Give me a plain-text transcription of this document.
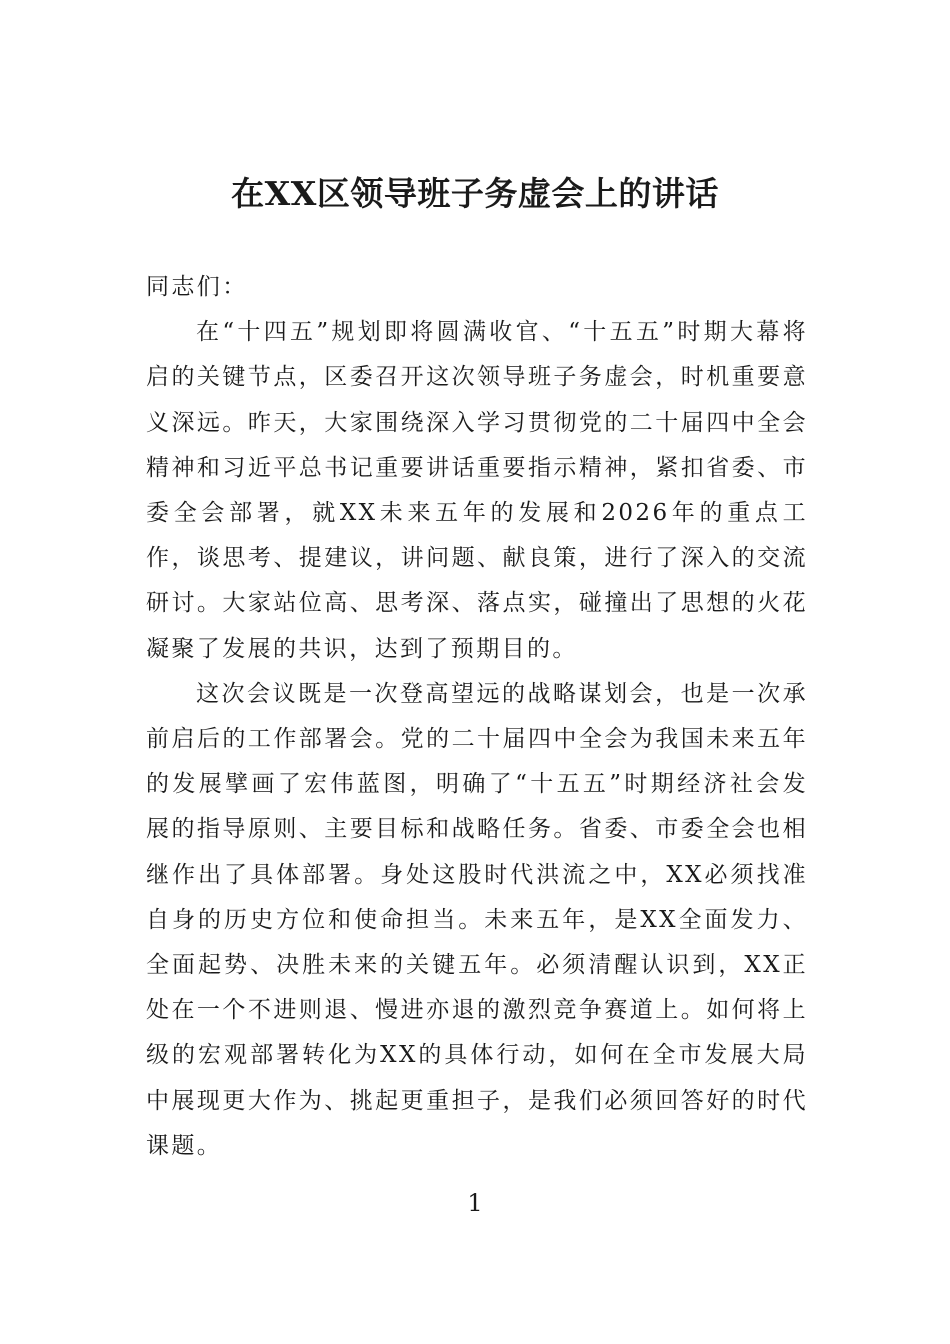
在XX区领导班子务虚会上的讲话

同志们：

在“十四五”规划即将圆满收官、“十五五”时期大幕将启的关键节点，区委召开这次领导班子务虚会，时机重要意义深远。昨天，大家围绕深入学习贯彻党的二十届四中全会精神和习近平总书记重要讲话重要指示精神，紧扣省委、市委全会部署，就XX未来五年的发展和2026年的重点工作，谈思考、提建议，讲问题、献良策，进行了深入的交流研讨。大家站位高、思考深、落点实，碰撞出了思想的火花凝聚了发展的共识，达到了预期目的。

这次会议既是一次登高望远的战略谋划会，也是一次承前启后的工作部署会。党的二十届四中全会为我国未来五年的发展擘画了宏伟蓝图，明确了“十五五”时期经济社会发展的指导原则、主要目标和战略任务。省委、市委全会也相继作出了具体部署。身处这股时代洪流之中，XX必须找准自身的历史方位和使命担当。未来五年，是XX全面发力、全面起势、决胜未来的关键五年。必须清醒认识到，XX正处在一个不进则退、慢进亦退的激烈竞争赛道上。如何将上级的宏观部署转化为XX的具体行动，如何在全市发展大局中展现更大作为、挑起更重担子，是我们必须回答好的时代课题。

1
